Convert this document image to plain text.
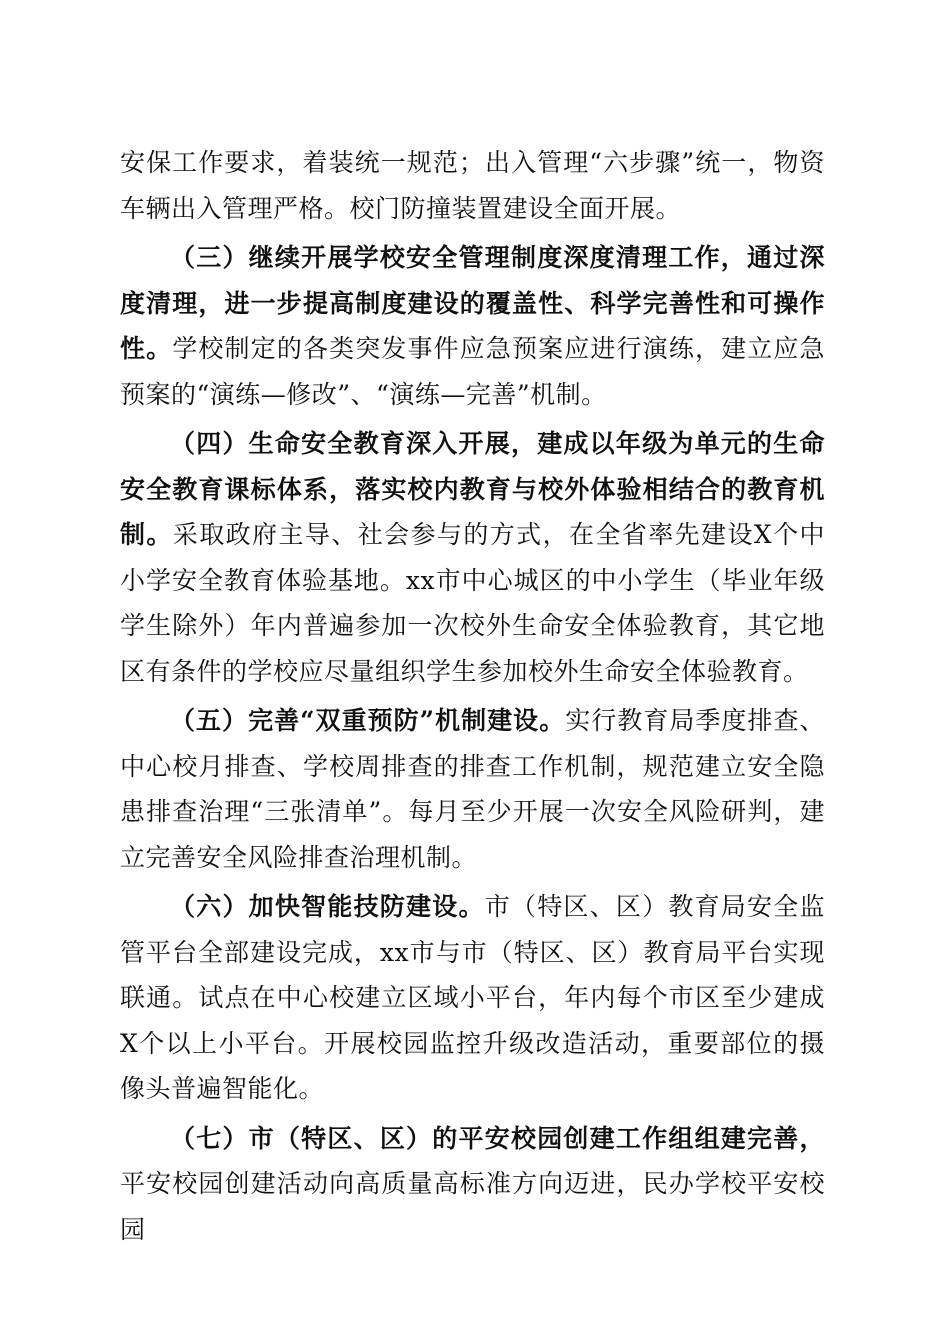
安保工作要求，着装统一规范；出入管理“六步骤”统一，物资车辆出入管理严格。校门防撞装置建设全面开展。

（三）继续开展学校安全管理制度深度清理工作，通过深度清理，进一步提高制度建设的覆盖性、科学完善性和可操作性。学校制定的各类突发事件应急预案应进行演练，建立应急预案的“演练—修改”、“演练—完善”机制。

（四）生命安全教育深入开展，建成以年级为单元的生命安全教育课标体系，落实校内教育与校外体验相结合的教育机制。采取政府主导、社会参与的方式，在全省率先建设X个中小学安全教育体验基地。xx市中心城区的中小学生（毕业年级学生除外）年内普遍参加一次校外生命安全体验教育，其它地区有条件的学校应尽量组织学生参加校外生命安全体验教育。

（五）完善“双重预防”机制建设。实行教育局季度排查、中心校月排查、学校周排查的排查工作机制，规范建立安全隐患排查治理“三张清单”。每月至少开展一次安全风险研判，建立完善安全风险排查治理机制。

（六）加快智能技防建设。市（特区、区）教育局安全监管平台全部建设完成，xx市与市（特区、区）教育局平台实现联通。试点在中心校建立区域小平台，年内每个市区至少建成X个以上小平台。开展校园监控升级改造活动，重要部位的摄像头普遍智能化。

（七）市（特区、区）的平安校园创建工作组组建完善，平安校园创建活动向高质量高标准方向迈进，民办学校平安校园
